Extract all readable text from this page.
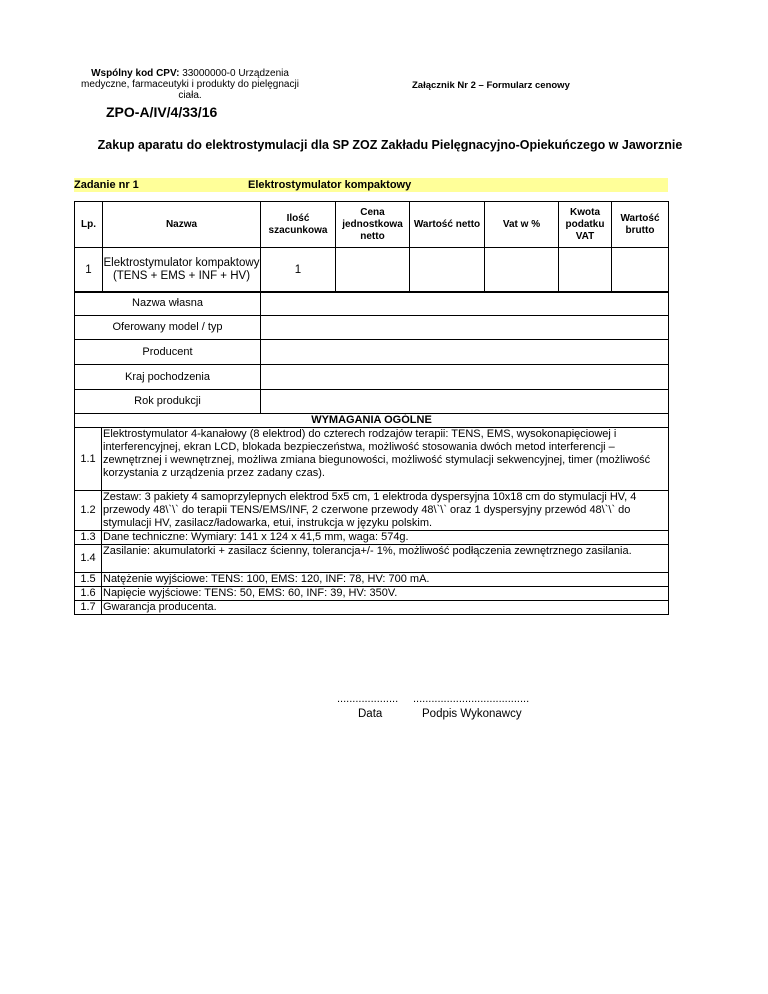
Wspólny kod CPV: 33000000-0 Urządzenia medyczne, farmaceutyki i produkty do pielęgnacji ciała.
Załącznik Nr 2 – Formularz cenowy
ZPO-A/IV/4/33/16
Zakup aparatu do elektrostymulacji dla SP ZOZ Zakładu Pielęgnacyjno-Opiekuńczego w Jaworznie
Zadanie nr 1	Elektrostymulator kompaktowy
Lp.	Nazwa	Ilość szacunkowa	Cena jednostkowa netto	Wartość netto	Vat w %	Kwota podatku VAT	Wartość brutto
1	Elektrostymulator kompaktowy (TENS + EMS + INF + HV)	1					
Nazwa własna	
Oferowany model / typ	
Producent	
Kraj pochodzenia	
Rok produkcji	
WYMAGANIA OGÓLNE	
1.1	Elektrostymulator 4-kanałowy (8 elektrod) do czterech rodzajów terapii: TENS, EMS, wysokonapięciowej i interferencyjnej, ekran LCD, blokada bezpieczeństwa, możliwość stosowania dwóch metod interferencji – zewnętrznej i wewnętrznej, możliwa zmiana biegunowości, możliwość stymulacji sekwencyjnej, timer (możliwość korzystania z urządzenia przez zadany czas).
1.2	Zestaw: 3 pakiety 4 samoprzylepnych elektrod 5x5 cm, 1 elektroda dyspersyjna 10x18 cm do stymulacji HV, 4 przewody 48\`\` do terapii TENS/EMS/INF, 2 czerwone przewody 48\`\` oraz 1 dyspersyjny przewód 48\`\` do stymulacji HV, zasilacz/ładowarka, etui, instrukcja w języku polskim.
1.3	Dane techniczne: Wymiary: 141 x 124 x 41,5 mm, waga: 574g.
1.4	Zasilanie: akumulatorki + zasilacz ścienny, tolerancja+/- 1%, możliwość podłączenia zewnętrznego zasilania.
1.5	Natężenie wyjściowe: TENS: 100, EMS: 120, INF: 78, HV: 700 mA.
1.6	Napięcie wyjściowe: TENS: 50, EMS: 60, INF: 39, HV: 350V.
1.7	Gwarancja producenta.
.................... ......................................
Data	Podpis Wykonawcy
